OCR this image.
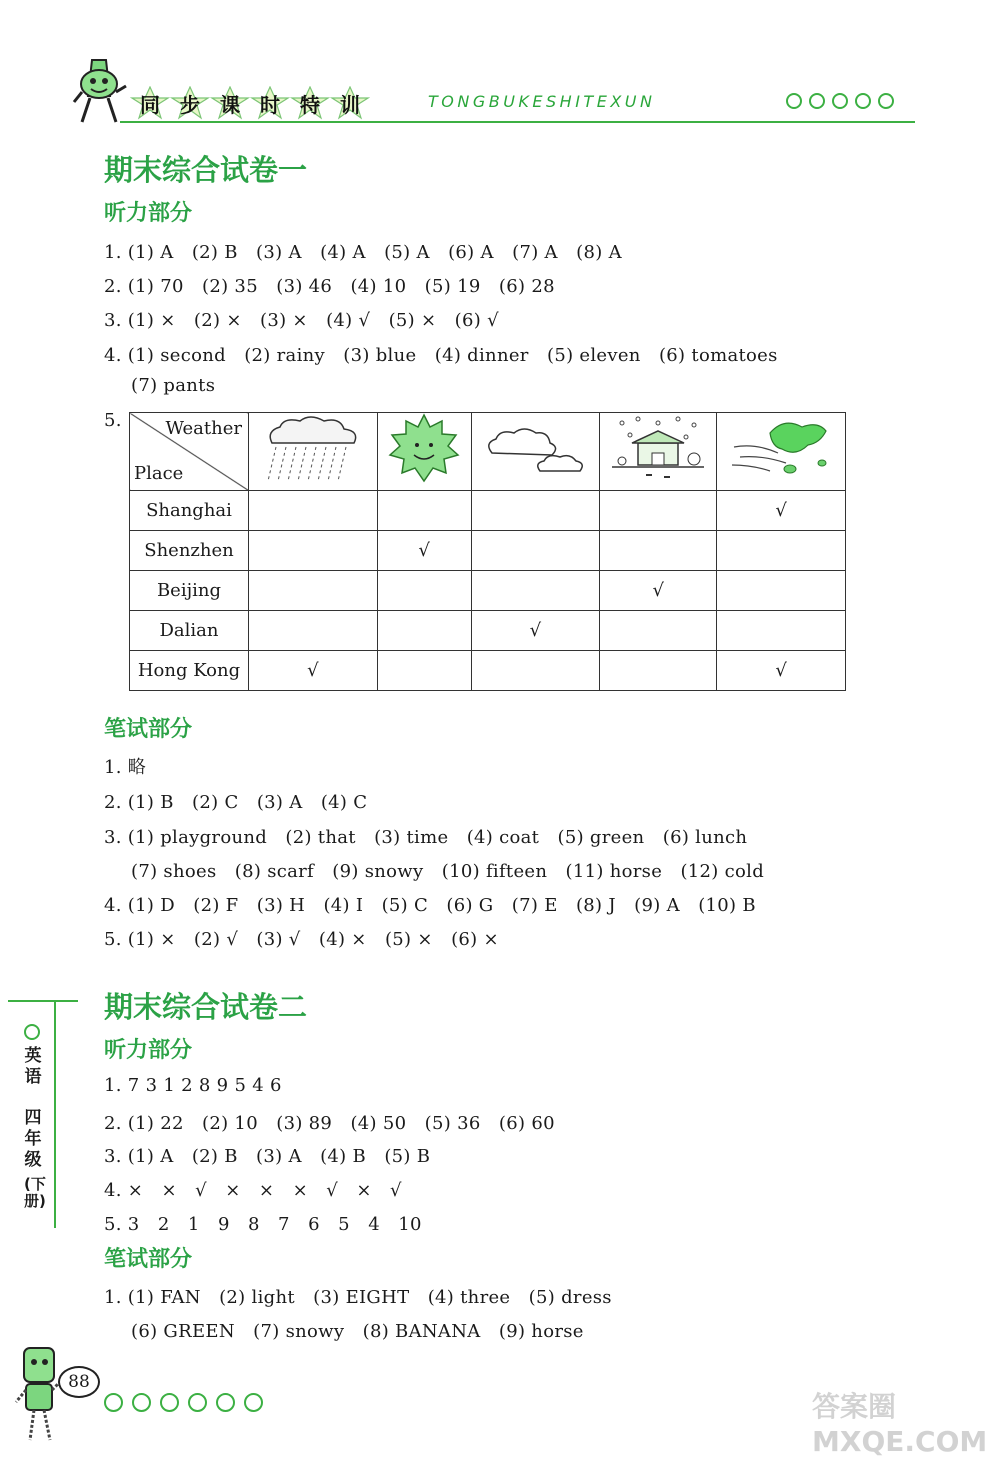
同 步 课 时 特 训	TONGBUKESHITEXUN
期末综合试卷一
听力部分
1. (1) A　(2) B　(3) A　(4) A　(5) A　(6) A　(7) A　(8) A
2. (1) 70　(2) 35　(3) 46　(4) 10　(5) 19　(6) 28
3. (1) ×　(2) ×　(3) ×　(4) √　(5) ×　(6) √
4. (1) second　(2) rainy　(3) blue　(4) dinner　(5) eleven　(6) tomatoes
(7) pants
5. Weather
Place

Shanghai					√
Shenzhen		√			
Beijing				√	
Dalian			√		
Hong Kong	√				√
笔试部分
1. 略
2. (1) B　(2) C　(3) A　(4) C
3. (1) playground　(2) that　(3) time　(4) coat　(5) green　(6) lunch
(7) shoes　(8) scarf　(9) snowy　(10) fifteen　(11) horse　(12) cold
4. (1) D　(2) F　(3) H　(4) I　(5) C　(6) G　(7) E　(8) J　(9) A　(10) B
5. (1) ×　(2) √　(3) √　(4) ×　(5) ×　(6) ×
英语
四年级
(下册)
期末综合试卷二
听力部分
1. 7 3 1 2 8 9 5 4 6
2. (1) 22　(2) 10　(3) 89　(4) 50　(5) 36　(6) 60
3. (1) A　(2) B　(3) A　(4) B　(5) B
4. ×　×　√　×　×　×　√　×　√
5. 3　2　1　9　8　7　6　5　4　10
笔试部分
1. (1) FAN　(2) light　(3) EIGHT　(4) three　(5) dress
(6) GREEN　(7) snowy　(8) BANANA　(9) horse
88
答案圈 MXQE.COM
